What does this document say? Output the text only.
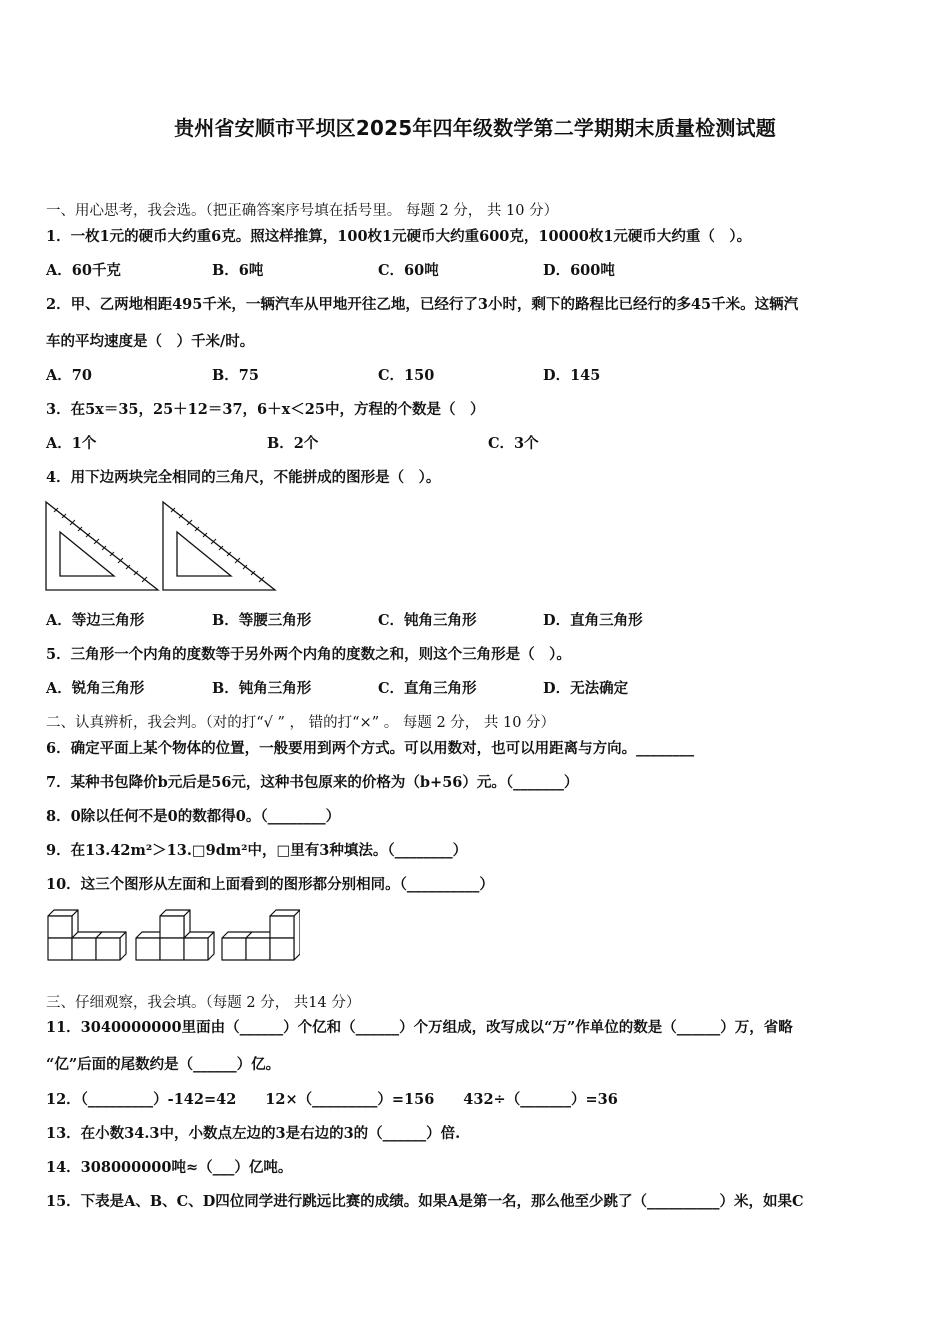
贵州省安顺市平坝区2025年四年级数学第二学期期末质量检测试题
一、用心思考，我会选。（把正确答案序号填在括号里。 每题 2 分， 共 10 分）
1．一枚1元的硬币大约重6克。照这样推算，100枚1元硬币大约重600克，10000枚1元硬币大约重（　）。
A．60千克	B．6吨	C．60吨	D．600吨
2．甲、乙两地相距495千米，一辆汽车从甲地开往乙地，已经行了3小时，剩下的路程比已经行的多45千米。这辆汽
车的平均速度是（　）千米/时。
A．70	B．75	C．150	D．145
3．在5x＝35，25＋12＝37，6＋x＜25中，方程的个数是（　）
A．1个	B．2个	C．3个
4．用下边两块完全相同的三角尺，不能拼成的图形是（　）。
A．等边三角形	B．等腰三角形	C．钝角三角形	D．直角三角形
5．三角形一个内角的度数等于另外两个内角的度数之和，则这个三角形是（　）。
A．锐角三角形	B．钝角三角形	C．直角三角形	D．无法确定
二、认真辨析，我会判。（对的打“√ ” ， 错的打“×” 。 每题 2 分， 共 10 分）
6．确定平面上某个物体的位置，一般要用到两个方式。可以用数对，也可以用距离与方向。________
7．某种书包降价b元后是56元，这种书包原来的价格为（b+56）元。（_______）
8．0除以任何不是0的数都得0。（________）
9．在13.42m²＞13.□9dm²中，□里有3种填法。（________）
10．这三个图形从左面和上面看到的图形都分别相同。（__________）
三、仔细观察，我会填。（每题 2 分， 共14 分）
11．3040000000里面由（______）个亿和（______）个万组成，改写成以“万”作单位的数是（______）万，省略
“亿”后面的尾数约是（______）亿。
12．（_________）-142=42　　12×（_________）=156　　432÷（_______）=36
13．在小数34.3中，小数点左边的3是右边的3的（______）倍.
14．308000000吨≈（___）亿吨。
15．下表是A、B、C、D四位同学进行跳远比赛的成绩。如果A是第一名，那么他至少跳了（__________）米，如果C
